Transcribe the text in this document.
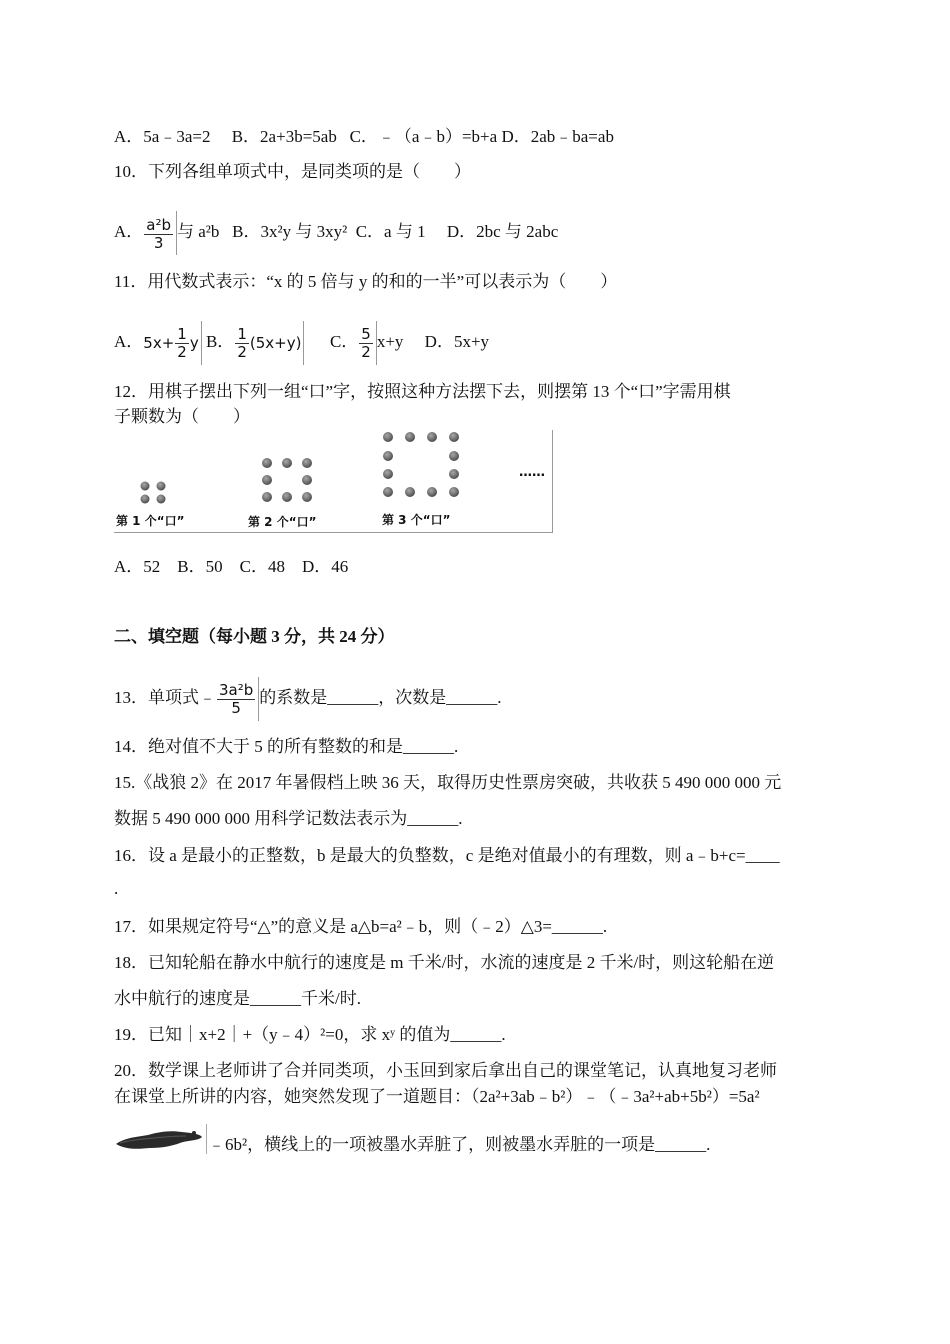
A．5a﹣3a=2 B．2a+3b=5ab C．﹣（a﹣b）=b+a D．2ab﹣ba=ab
10．下列各组单项式中，是同类项的是（　　）
A． $\frac{\text{a²b}}{3}$ 与 a²b B．3x²y 与 3xy² C．a 与 1 D．2bc 与 2abc
11．用代数式表示：“x 的 5 倍与 y 的和的一半”可以表示为（　　）
A．$5x+ \frac{1}{2}$ y B． $\frac{1}{2} (5x+y)$ C． $\frac{5}{2} x+y$ D．5x+y
12．用棋子摆出下列一组“口”字，按照这种方法摆下去，则摆第 13 个“口”字需用棋
子颗数为（　　）
第 1 个“口”	第 2 个“口”	第 3 个“口”
……
A．52　B．50　C．48　D．46
二、填空题（每小题 3 分，共 24 分）
13．单项式﹣ $\frac{\text{3a²b}}{5}$ 的系数是______，次数是______.
14．绝对值不大于 5 的所有整数的和是______.
15.《战狼 2》在 2017 年暑假档上映 36 天，取得历史性票房突破，共收获 5 490 000 000 元
数据 5 490 000 000 用科学记数法表示为______.
16．设 a 是最小的正整数，b 是最大的负整数，c 是绝对值最小的有理数，则 a﹣b+c=____
.
17．如果规定符号“△”的意义是 a△b=a²﹣b，则（﹣2）△3=______.
18．已知轮船在静水中航行的速度是 m 千米/时，水流的速度是 2 千米/时，则这轮船在逆
水中航行的速度是______千米/时.
19．已知｜x+2｜+（y﹣4）²=0，求 xʸ 的值为______.
20．数学课上老师讲了合并同类项，小玉回到家后拿出自己的课堂笔记，认真地复习老师
在课堂上所讲的内容，她突然发现了一道题目：（2a²+3ab﹣b²）﹣（﹣3a²+ab+5b²）=5a²
﹣6b²，横线上的一项被墨水弄脏了，则被墨水弄脏的一项是______.
